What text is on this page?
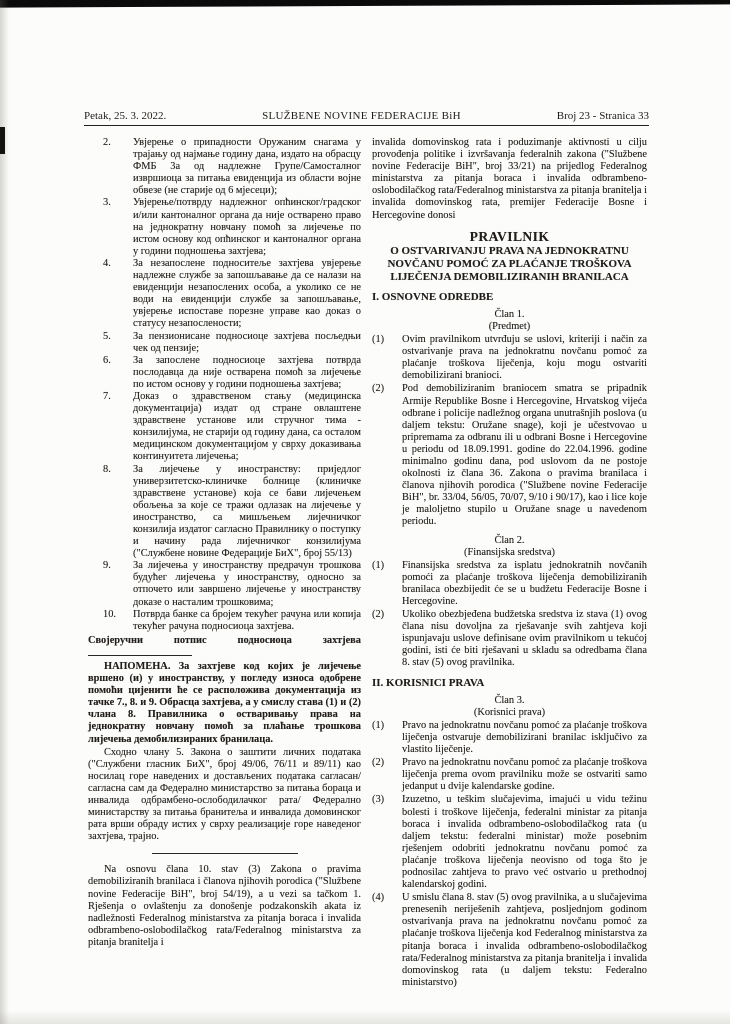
Petak, 25. 3. 2022.	SLUŽBENE NOVINE FEDERACIJE BiH	Broj 23 - Stranica 33
2.	Увјерење о припадности Оружаним снагама у трајању од најмање годину дана, издато на обрасцу ФМБ 3а од надлежне Групе/Самосталног извршиоца за питања евиденција из области војне обвезе (не старије од 6 мјесеци);
3.	Увјерење/потврду надлежног опћинског/градског и/или кантоналног органа да није остварено право на једнократну новчану помоћ за лијечење по истом основу код опћинског и кантоналног органа у години подношења захтјева;
4.	За незапослене подноситеље захтјева увјерење надлежне службе за запошљавање да се налази на евиденцији незапослених особа, а уколико се не води на евиденцији службе за запошљавање, увјерење испоставе порезне управе као доказ о статусу незапослености;
5.	За пензионисане подносиоце захтјева посљедњи чек од пензије;
6.	За запослене подносиоце захтјева потврда послодавца да није остварена помоћ за лијечење по истом основу у години подношења захтјева;
7.	Доказ о здравственом стању (медицинска документација) издат од стране овлаштене здравствене установе или стручног тима - конзилијума, не старији од годину дана, са осталом медицинском документацијом у сврху доказивања континуитета лијечења;
8.	За лијечење у иностранству: приједлог универзитетско-клиничке болнице (клиничке здравствене установе) која се бави лијечењем обољења за које се тражи одлазак на лијечење у иностранство, са мишљењем лијечничког конзилија издатог сагласно Правилнику о поступку и начину рада лијечничког конзилијума ("Службене новине Федерације БиХ", број 55/13)
9.	За лијечења у иностранству предрачун трошкова будућег лијечења у иностранству, односно за отпочето или завршено лијечење у иностранству доказе о насталим трошковима;
10.	Потврда банке са бројем текућег рачуна или копија текућег рачуна подносиоца захтјева.
Својеручни потпис подносиоца захтјева

НАПОМЕНА. За захтјеве код којих је лијечење вршено (и) у иностранству, у погледу износа одобрене помоћи цијенити ће се расположива документација из тачке 7., 8. и 9. Обрасца захтјева, а у смислу става (1) и (2) члана 8. Правилника о остваривању права на једнократну новчану помоћ за плаћање трошкова лијечења демобилизираних бранилаца.

Сходно члану 5. Закона о заштити личних података ("Службени гласник БиХ", број 49/06, 76/11 и 89/11) као носилац горе наведених и достављених података сагласан/сагласна сам да Федерално министарство за питања бораца и инвалида одбрамбено-ослободилачког рата/ Федерално министарству за питања бранитеља и инвалида домовинског рата врши обраду истих у сврху реализације горе наведеног захтјева, трајно.

Na osnovu člana 10. stav (3) Zakona o pravima demobiliziranih branilaca i članova njihovih porodica ("Službene novine Federacije BiH", broj 54/19), a u vezi sa tačkom 1. Rješenja o ovlaštenju za donošenje podzakonskih akata iz nadležnosti Federalnog ministarstva za pitanja boraca i invalida odbrambeno-oslobodilačkog rata/Federalnog ministarstva za pitanja branitelja i

invalida domovinskog rata i poduzimanje aktivnosti u cilju provođenja politike i izvršavanja federalnih zakona ("Službene novine Federacije BiH", broj 33/21) na prijedlog Federalnog ministarstva za pitanja boraca i invalida odbrambeno-oslobodilačkog rata/Federalnog ministarstva za pitanja branitelja i invalida domovinskog rata, premijer Federacije Bosne i Hercegovine donosi

PRAVILNIK
O OSTVARIVANJU PRAVA NA JEDNOKRATNU NOVČANU POMOĆ ZA PLAĆANJE TROŠKOVA LIJEČENJA DEMOBILIZIRANIH BRANILACA
I. OSNOVNE ODREDBE
Član 1.
(Predmet)
(1)	Ovim pravilnikom utvrđuju se uslovi, kriteriji i način za ostvarivanje prava na jednokratnu novčanu pomoć za plaćanje troškova liječenja, koju mogu ostvariti demobilizirani branioci.
(2)	Pod demobiliziranim braniocem smatra se pripadnik Armije Republike Bosne i Hercegovine, Hrvatskog vijeća odbrane i policije nadležnog organa unutrašnjih poslova (u daljem tekstu: Oružane snage), koji je učestvovao u pripremama za odbranu ili u odbrani Bosne i Hercegovine u periodu od 18.09.1991. godine do 22.04.1996. godine minimalno godinu dana, pod uslovom da ne postoje okolnosti iz člana 36. Zakona o pravima branilaca i članova njihovih porodica ("Službene novine Federacije BiH", br. 33/04, 56/05, 70/07, 9/10 i 90/17), kao i lice koje je maloljetno stupilo u Oružane snage u navedenom periodu.
Član 2.
(Finansijska sredstva)
(1)	Finansijska sredstva za isplatu jednokratnih novčanih pomoći za plaćanje troškova liječenja demobiliziranih branilaca obezbijedit će se u budžetu Federacije Bosne i Hercegovine.
(2)	Ukoliko obezbjeđena budžetska sredstva iz stava (1) ovog člana nisu dovoljna za rješavanje svih zahtjeva koji ispunjavaju uslove definisane ovim pravilnikom u tekućoj godini, isti će biti rješavani u skladu sa odredbama člana 8. stav (5) ovog pravilnika.
II. KORISNICI PRAVA
Član 3.
(Korisnici prava)
(1)	Pravo na jednokratnu novčanu pomoć za plaćanje troškova liječenja ostvaruje demobilizirani branilac isključivo za vlastito liječenje.
(2)	Pravo na jednokratnu novčanu pomoć za plaćanje troškova liječenja prema ovom pravilniku može se ostvariti samo jedanput u dvije kalendarske godine.
(3)	Izuzetno, u teškim slučajevima, imajući u vidu težinu bolesti i troškove liječenja, federalni ministar za pitanja boraca i invalida odbrambeno-oslobodilačkog rata (u daljem tekstu: federalni ministar) može posebnim rješenjem odobriti jednokratnu novčanu pomoć za plaćanje troškova liječenja neovisno od toga što je podnosilac zahtjeva to pravo već ostvario u prethodnoj kalendarskoj godini.
(4)	U smislu člana 8. stav (5) ovog pravilnika, a u slučajevima prenesenih neriješenih zahtjeva, posljednjom godinom ostvarivanja prava na jednokratnu novčanu pomoć za plaćanje troškova liječenja kod Federalnog ministarstva za pitanja boraca i invalida odbrambeno-oslobodilačkog rata/Federalnog ministarstva za pitanja branitelja i invalida domovinskog rata (u daljem tekstu: Federalno ministarstvo)
